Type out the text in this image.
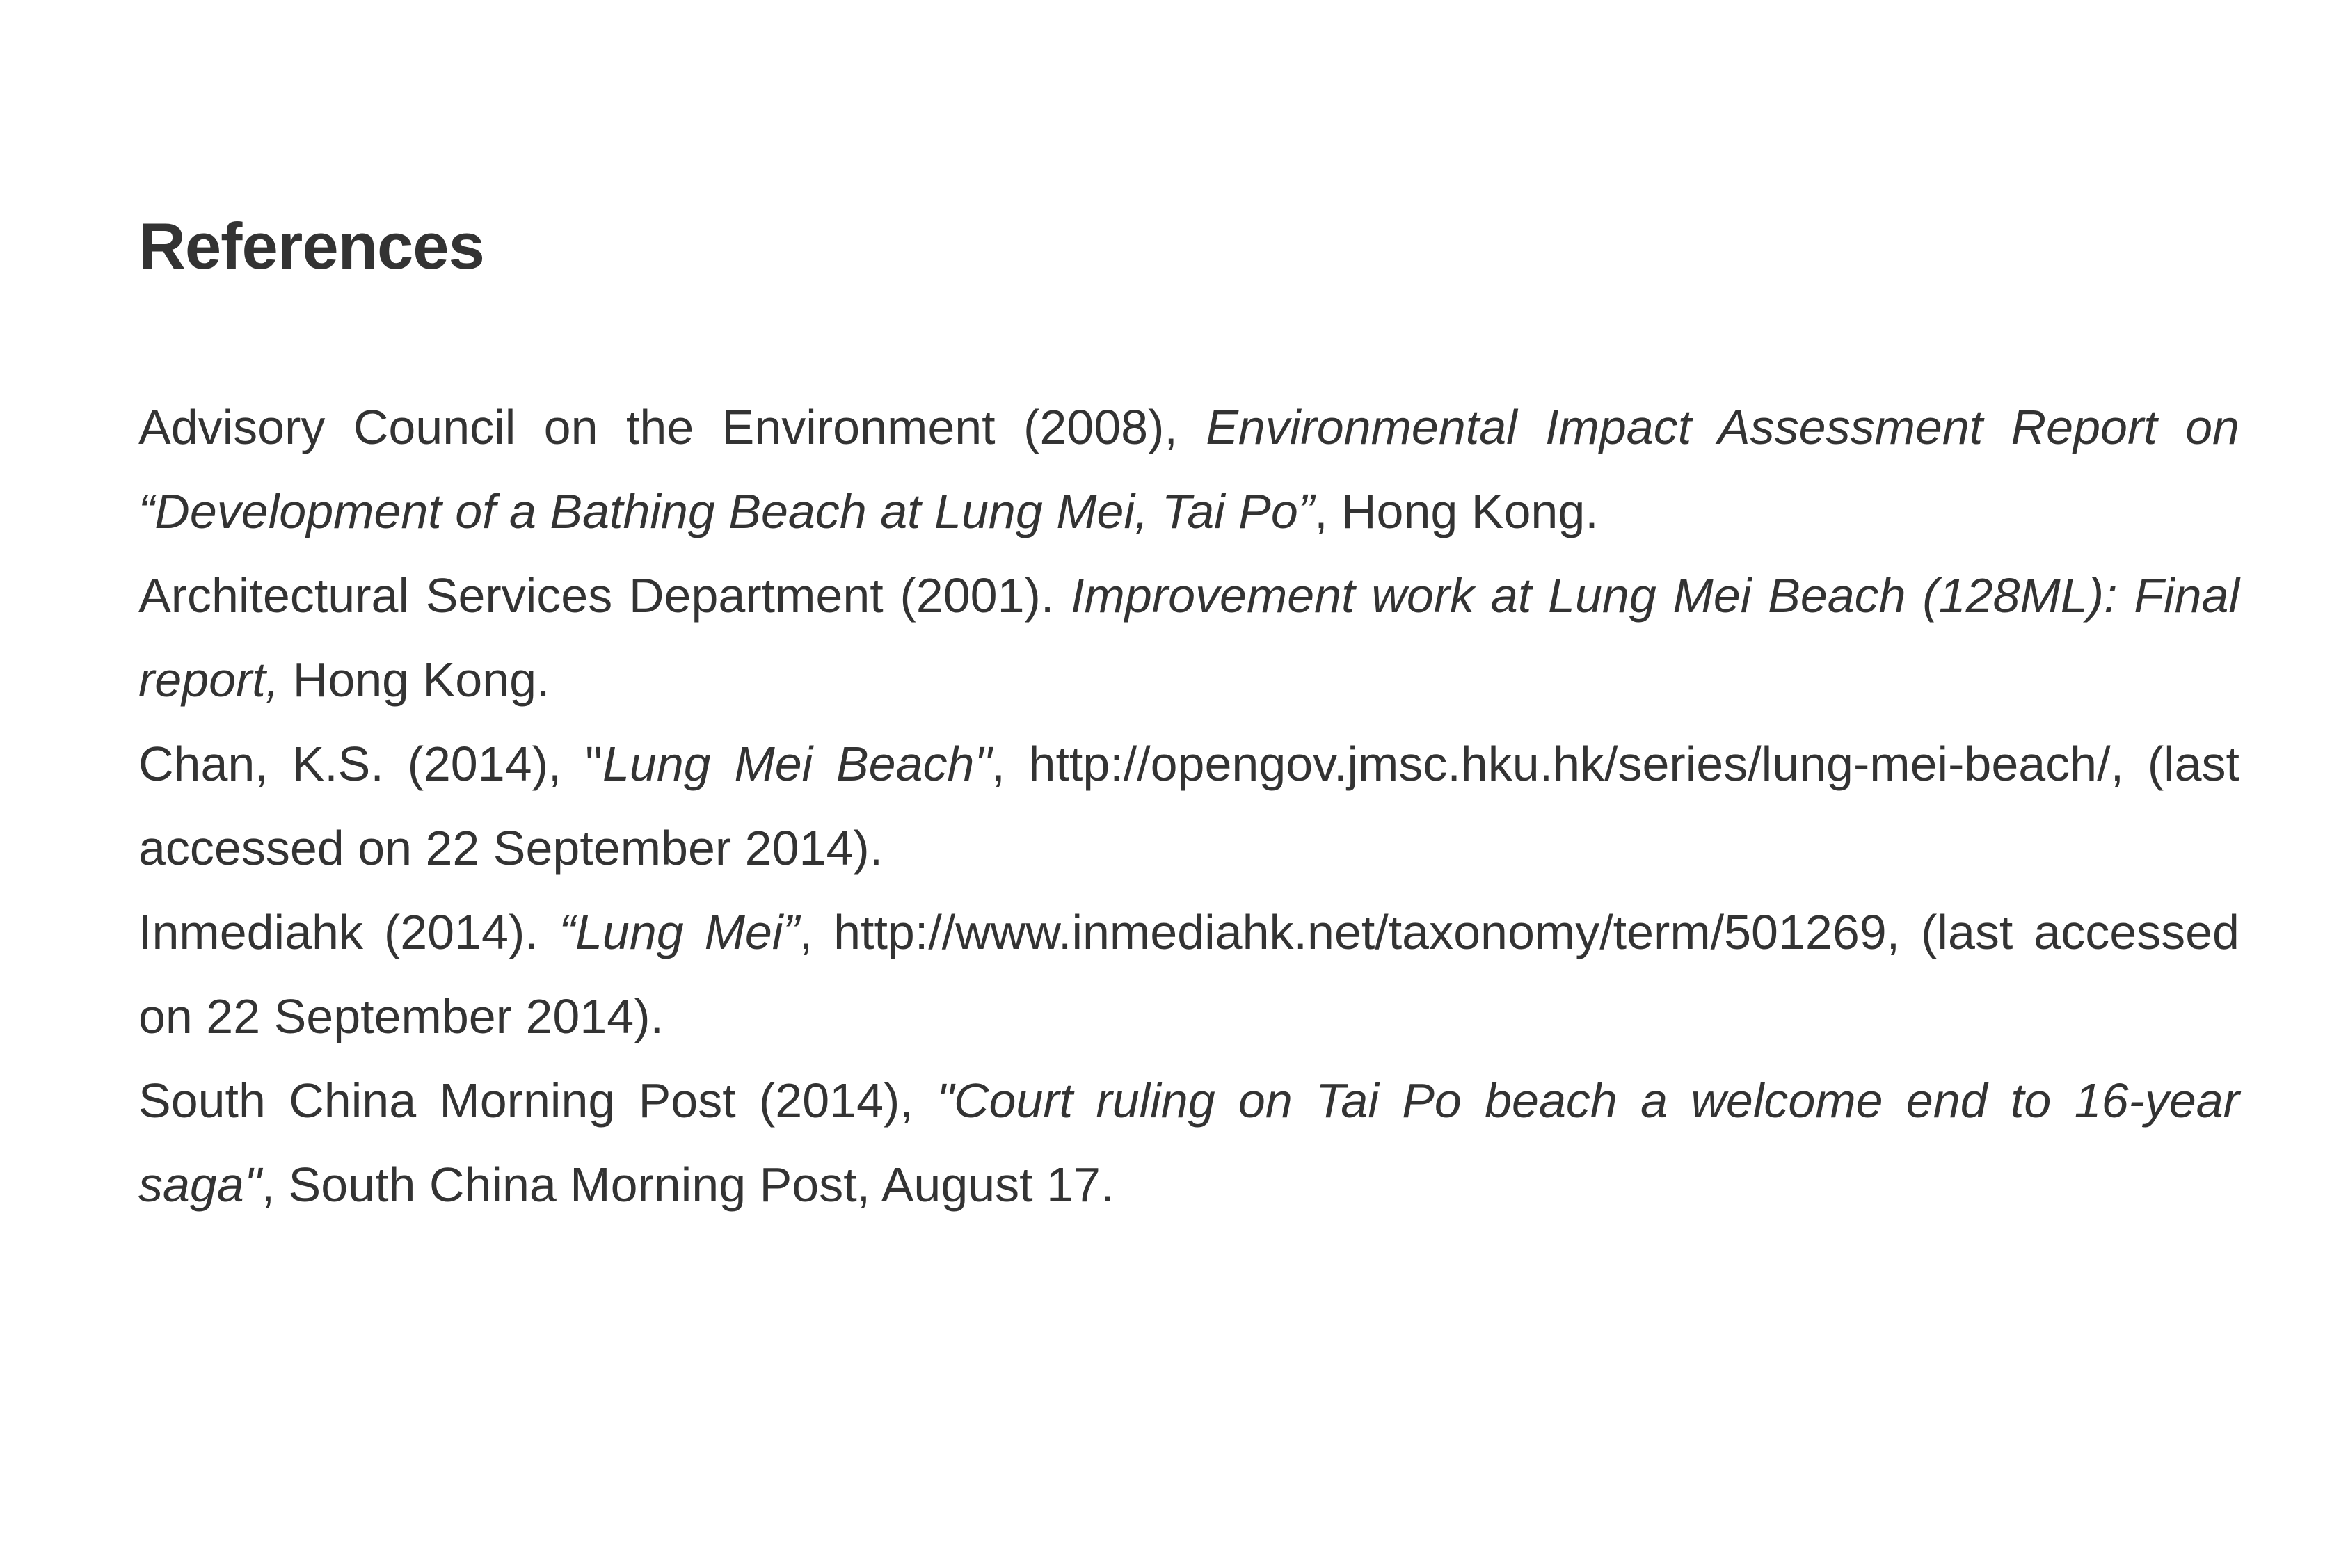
References

Advisory Council on the Environment (2008), Environmental Impact Assessment Report on “Development of a Bathing Beach at Lung Mei, Tai Po”, Hong Kong.

Architectural Services Department (2001). Improvement work at Lung Mei Beach (128ML): Final report, Hong Kong.

Chan, K.S. (2014), "Lung Mei Beach", http://opengov.jmsc.hku.hk/series/lung-mei-beach/, (last accessed on 22 September 2014).

Inmediahk (2014). “Lung Mei”, http://www.inmediahk.net/taxonomy/term/501269, (last accessed on 22 September 2014).

South China Morning Post (2014), "Court ruling on Tai Po beach a welcome end to 16-year saga", South China Morning Post, August 17.
